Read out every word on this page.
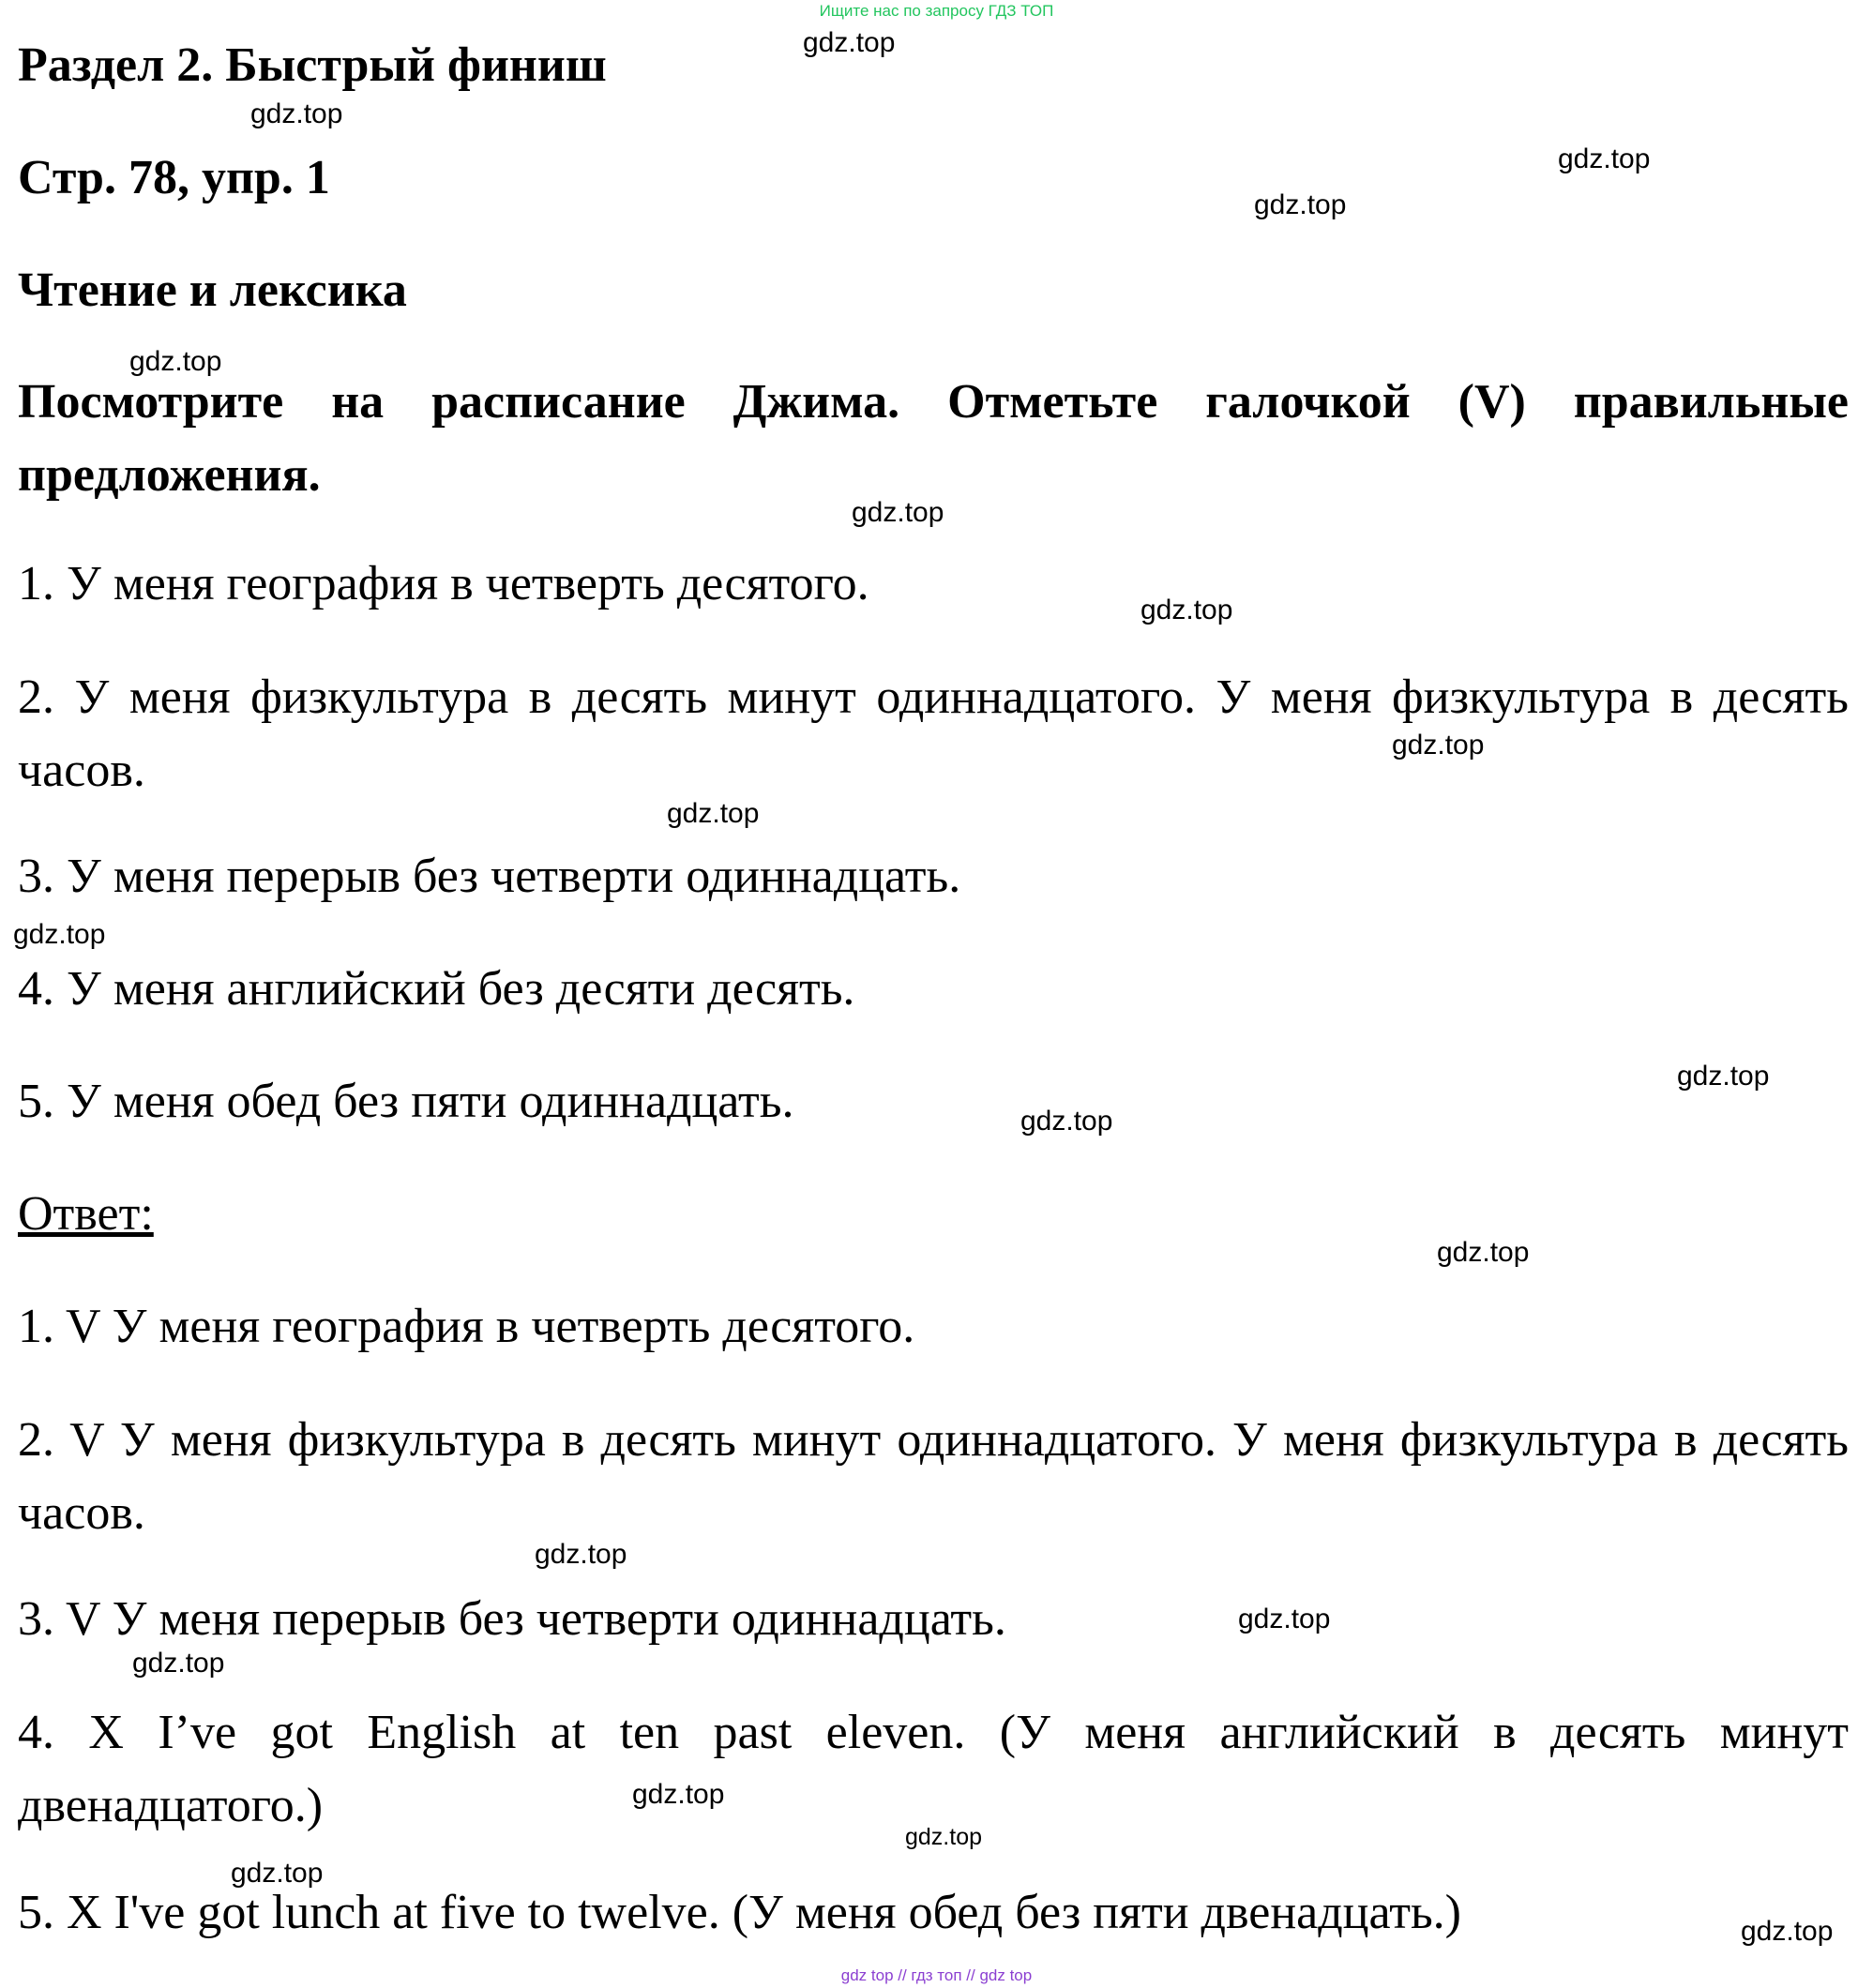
Ищите нас по запросу ГДЗ ТОП
Раздел 2. Быстрый финиш
Стр. 78, упр. 1
Чтение и лексика
Посмотрите на расписание Джима. Отметьте галочкой (V) правильные предложения.
1. У меня география в четверть десятого.
2. У меня физкультура в десять минут одиннадцатого. У меня физкультура в десять часов.
3. У меня перерыв без четверти одиннадцать.
4. У меня английский без десяти десять.
5. У меня обед без пяти одиннадцать.
Ответ:
1. V У меня география в четверть десятого.
2. V У меня физкультура в десять минут одиннадцатого. У меня физкультура в десять часов.
3. V У меня перерыв без четверти одиннадцать.
4. X I’ve got English at ten past eleven. (У меня английский в десять минут двенадцатого.)
5. X I've got lunch at five to twelve. (У меня обед без пяти двенадцать.)
gdz.top
gdz.top
gdz.top
gdz.top
gdz.top
gdz.top
gdz.top
gdz.top
gdz.top
gdz.top
gdz.top
gdz.top
gdz.top
gdz.top
gdz.top
gdz.top
gdz.top
gdz.top
gdz.top
gdz.top
gdz top // гдз топ // gdz top
